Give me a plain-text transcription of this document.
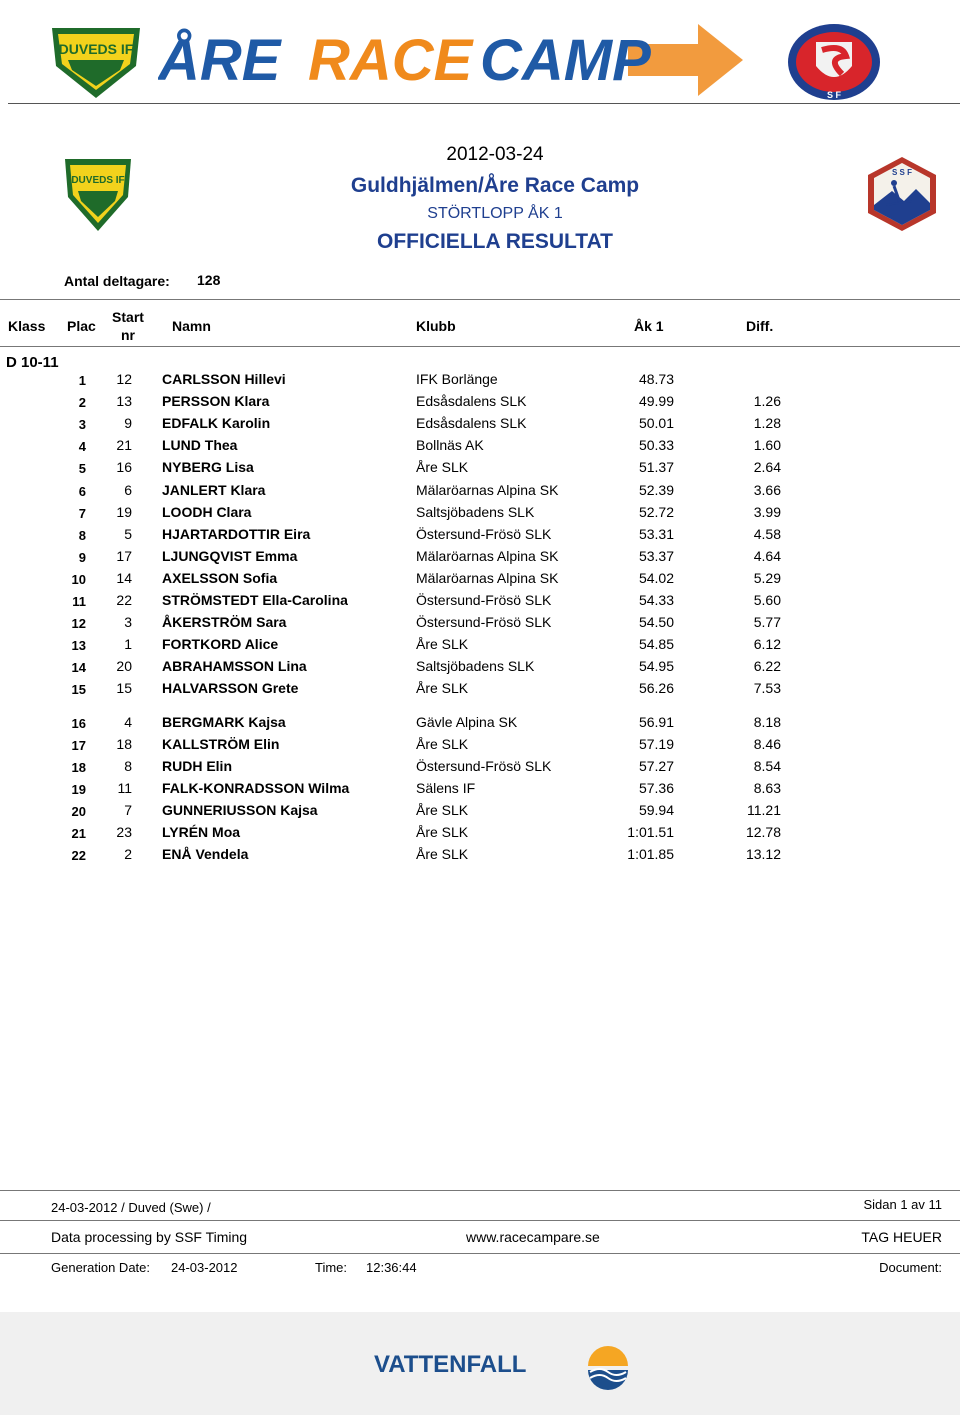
DUVEDS IF ÅRE RACE CAMP
S F
DUVEDS IF
2012-03-24
Guldhjälmen/Åre Race Camp
STÖRTLOPP ÅK 1
OFFICIELLA RESULTAT
S S F
Antal deltagare: 128
Klass Plac
Start
nr
Namn	Klubb	Åk 1	Diff.
D 10-11
1	12 CARLSSON Hillevi	IFK Borlänge	48.73
2	13 PERSSON Klara	Edsåsdalens SLK	49.99	1.26
3	9 EDFALK Karolin	Edsåsdalens SLK	50.01	1.28
4	21 LUND Thea	Bollnäs AK	50.33	1.60
5	16 NYBERG Lisa	Åre SLK	51.37	2.64
6	6 JANLERT Klara	Mälaröarnas Alpina SK	52.39	3.66
7	19 LOODH Clara	Saltsjöbadens SLK	52.72	3.99
8	5 HJARTARDOTTIR Eira	Östersund-Frösö SLK	53.31	4.58
9	17 LJUNGQVIST Emma	Mälaröarnas Alpina SK	53.37	4.64
10	14 AXELSSON Sofia	Mälaröarnas Alpina SK	54.02	5.29
11	22 STRÖMSTEDT Ella-Carolina	Östersund-Frösö SLK	54.33	5.60
12	3 ÅKERSTRÖM Sara	Östersund-Frösö SLK	54.50	5.77
13	1 FORTKORD Alice	Åre SLK	54.85	6.12
14	20 ABRAHAMSSON Lina	Saltsjöbadens SLK	54.95	6.22
15	15 HALVARSSON Grete	Åre SLK	56.26	7.53
16	4 BERGMARK Kajsa	Gävle Alpina SK	56.91	8.18
17	18 KALLSTRÖM Elin	Åre SLK	57.19	8.46
18	8 RUDH Elin	Östersund-Frösö SLK	57.27	8.54
19	11 FALK-KONRADSSON Wilma	Sälens IF	57.36	8.63
20	7 GUNNERIUSSON Kajsa	Åre SLK	59.94	11.21
21	23 LYRÉN Moa	Åre SLK	1:01.51	12.78
22	2 ENÅ Vendela	Åre SLK	1:01.85	13.12
24-03-2012 / Duved (Swe) /	Sidan 1 av 11
Data processing by SSF Timing	www.racecampare.se	TAG HEUER
Generation Date: 24-03-2012	Time: 12:36:44	Document:
VATTENFALL
